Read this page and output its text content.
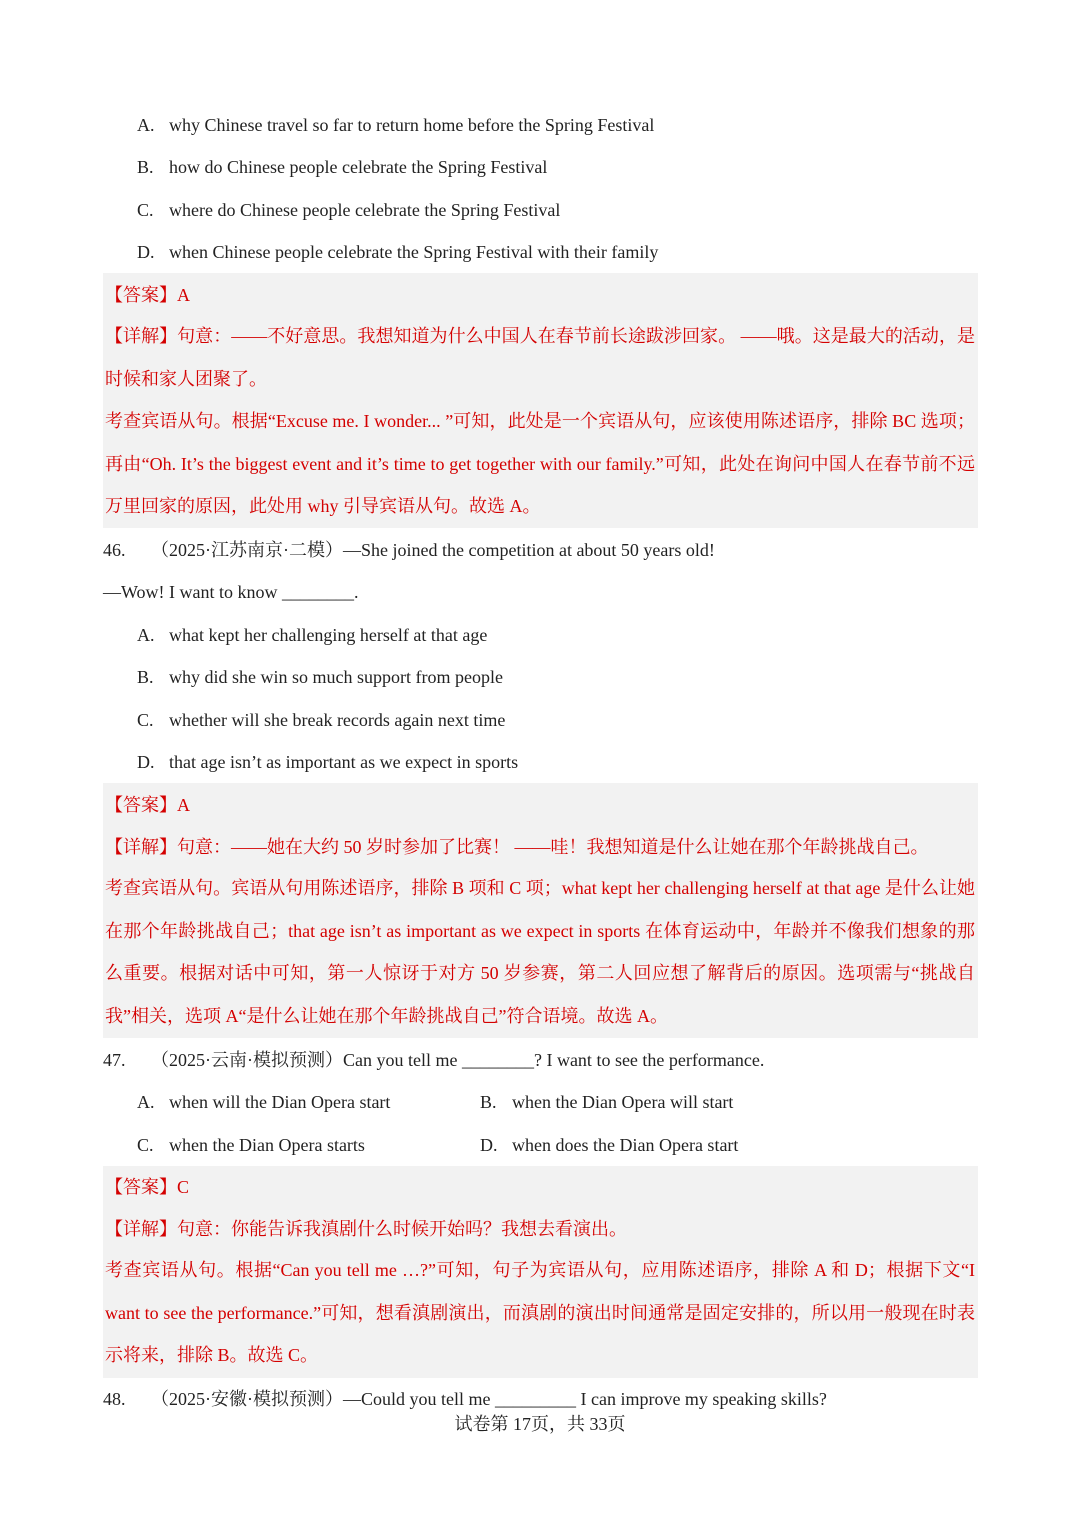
A. why Chinese travel so far to return home before the Spring Festival
B. how do Chinese people celebrate the Spring Festival
C. where do Chinese people celebrate the Spring Festival
D. when Chinese people celebrate the Spring Festival with their family
【答案】A
【详解】句意：——不好意思。我想知道为什么中国人在春节前长途跋涉回家。 ——哦。这是最大的活动，是时候和家人团聚了。
考查宾语从句。根据“Excuse me. I wonder... ”可知，此处是一个宾语从句，应该使用陈述语序，排除 BC 选项；再由“Oh. It’s the biggest event and it’s time to get together with our family.”可知，此处在询问中国人在春节前不远万里回家的原因，此处用 why 引导宾语从句。故选 A。
46. （2025·江苏南京·二模）—She joined the competition at about 50 years old!
—Wow! I want to know ________.
A. what kept her challenging herself at that age
B. why did she win so much support from people
C. whether will she break records again next time
D. that age isn’t as important as we expect in sports
【答案】A
【详解】句意：——她在大约 50 岁时参加了比赛！ ——哇！我想知道是什么让她在那个年龄挑战自己。
考查宾语从句。宾语从句用陈述语序，排除 B 项和 C 项；what kept her challenging herself at that age 是什么让她在那个年龄挑战自己；that age isn’t as important as we expect in sports 在体育运动中，年龄并不像我们想象的那么重要。根据对话中可知，第一人惊讶于对方 50 岁参赛，第二人回应想了解背后的原因。选项需与“挑战自我”相关，选项 A“是什么让她在那个年龄挑战自己”符合语境。故选 A。
47. （2025·云南·模拟预测）Can you tell me ________? I want to see the performance.
A. when will the Dian Opera start	B. when the Dian Opera will start
C. when the Dian Opera starts	D. when does the Dian Opera start
【答案】C
【详解】句意：你能告诉我滇剧什么时候开始吗？我想去看演出。
考查宾语从句。根据“Can you tell me …?”可知，句子为宾语从句，应用陈述语序，排除 A 和 D；根据下文“I want to see the performance.”可知，想看滇剧演出，而滇剧的演出时间通常是固定安排的，所以用一般现在时表示将来，排除 B。故选 C。
48. （2025·安徽·模拟预测）—Could you tell me _________ I can improve my speaking skills?
试卷第 17页，共 33页
